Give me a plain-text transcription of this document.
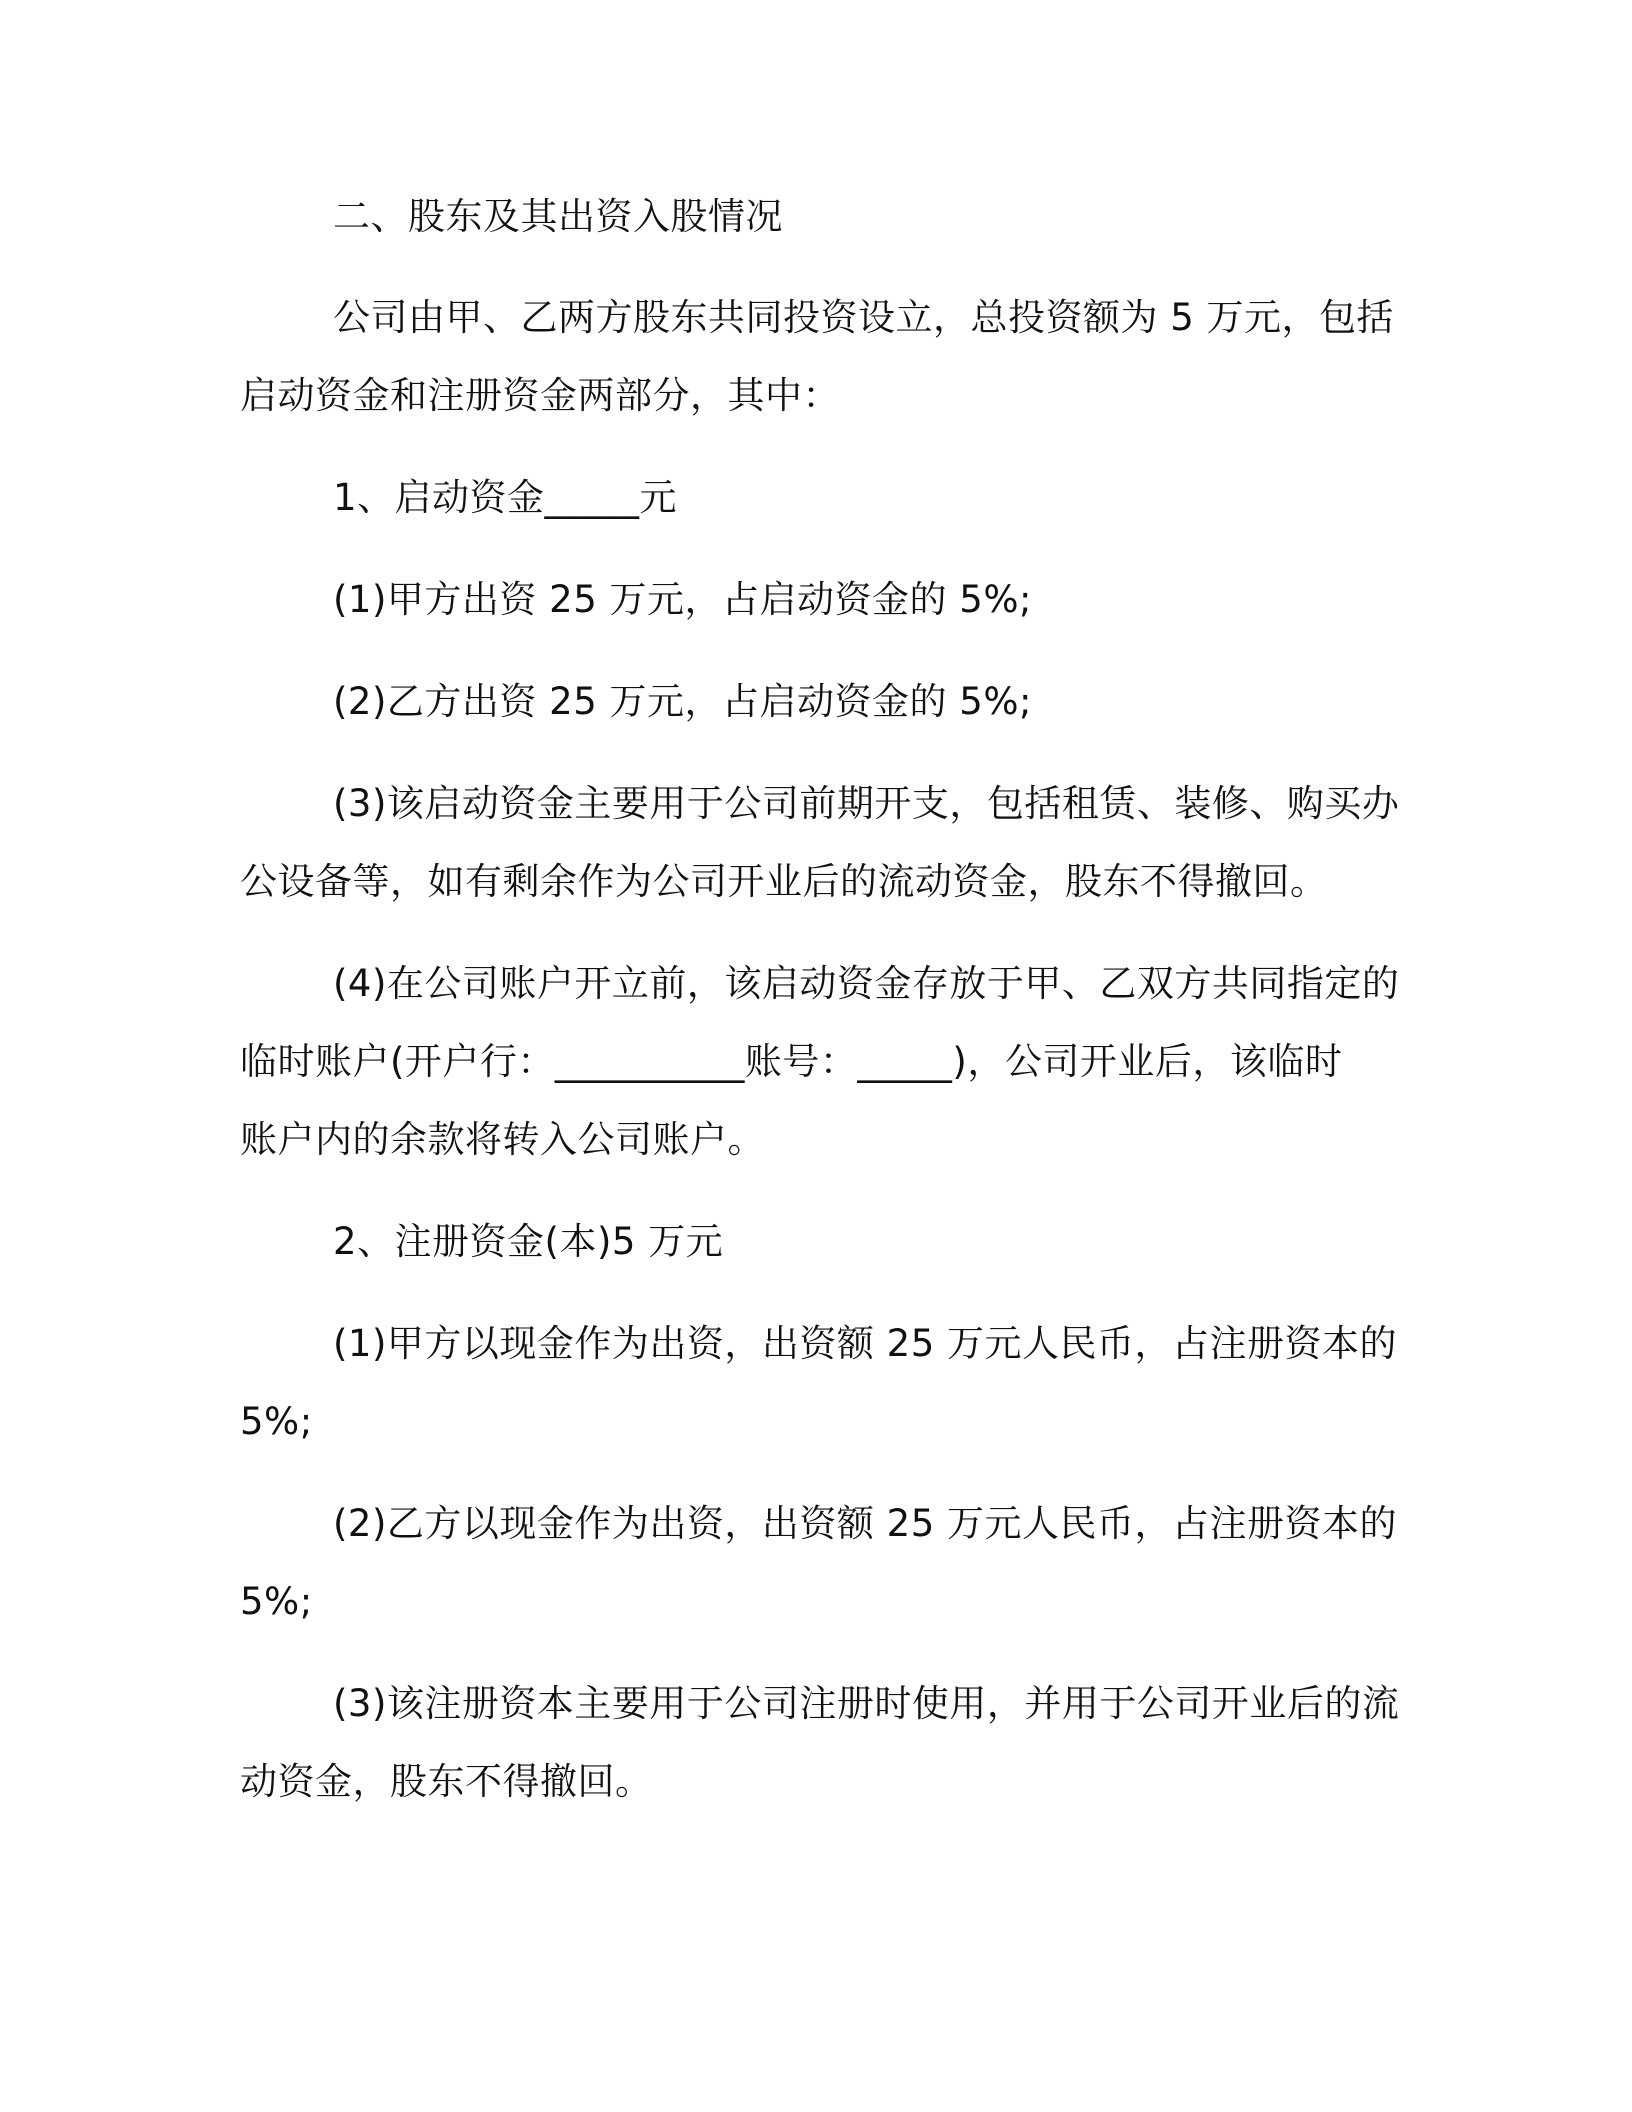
二、股东及其出资入股情况
公司由甲、乙两方股东共同投资设立，总投资额为 5 万元，包括
启动资金和注册资金两部分，其中：
1、启动资金_____元
(1)甲方出资 25 万元，占启动资金的 5%;
(2)乙方出资 25 万元，占启动资金的 5%;
(3)该启动资金主要用于公司前期开支，包括租赁、装修、购买办
公设备等，如有剩余作为公司开业后的流动资金，股东不得撤回。
(4)在公司账户开立前，该启动资金存放于甲、乙双方共同指定的
临时账户(开户行：__________账号：_____)，公司开业后，该临时
账户内的余款将转入公司账户。
2、注册资金(本)5 万元
(1)甲方以现金作为出资，出资额 25 万元人民币，占注册资本的
5%;
(2)乙方以现金作为出资，出资额 25 万元人民币，占注册资本的
5%;
(3)该注册资本主要用于公司注册时使用，并用于公司开业后的流
动资金，股东不得撤回。
